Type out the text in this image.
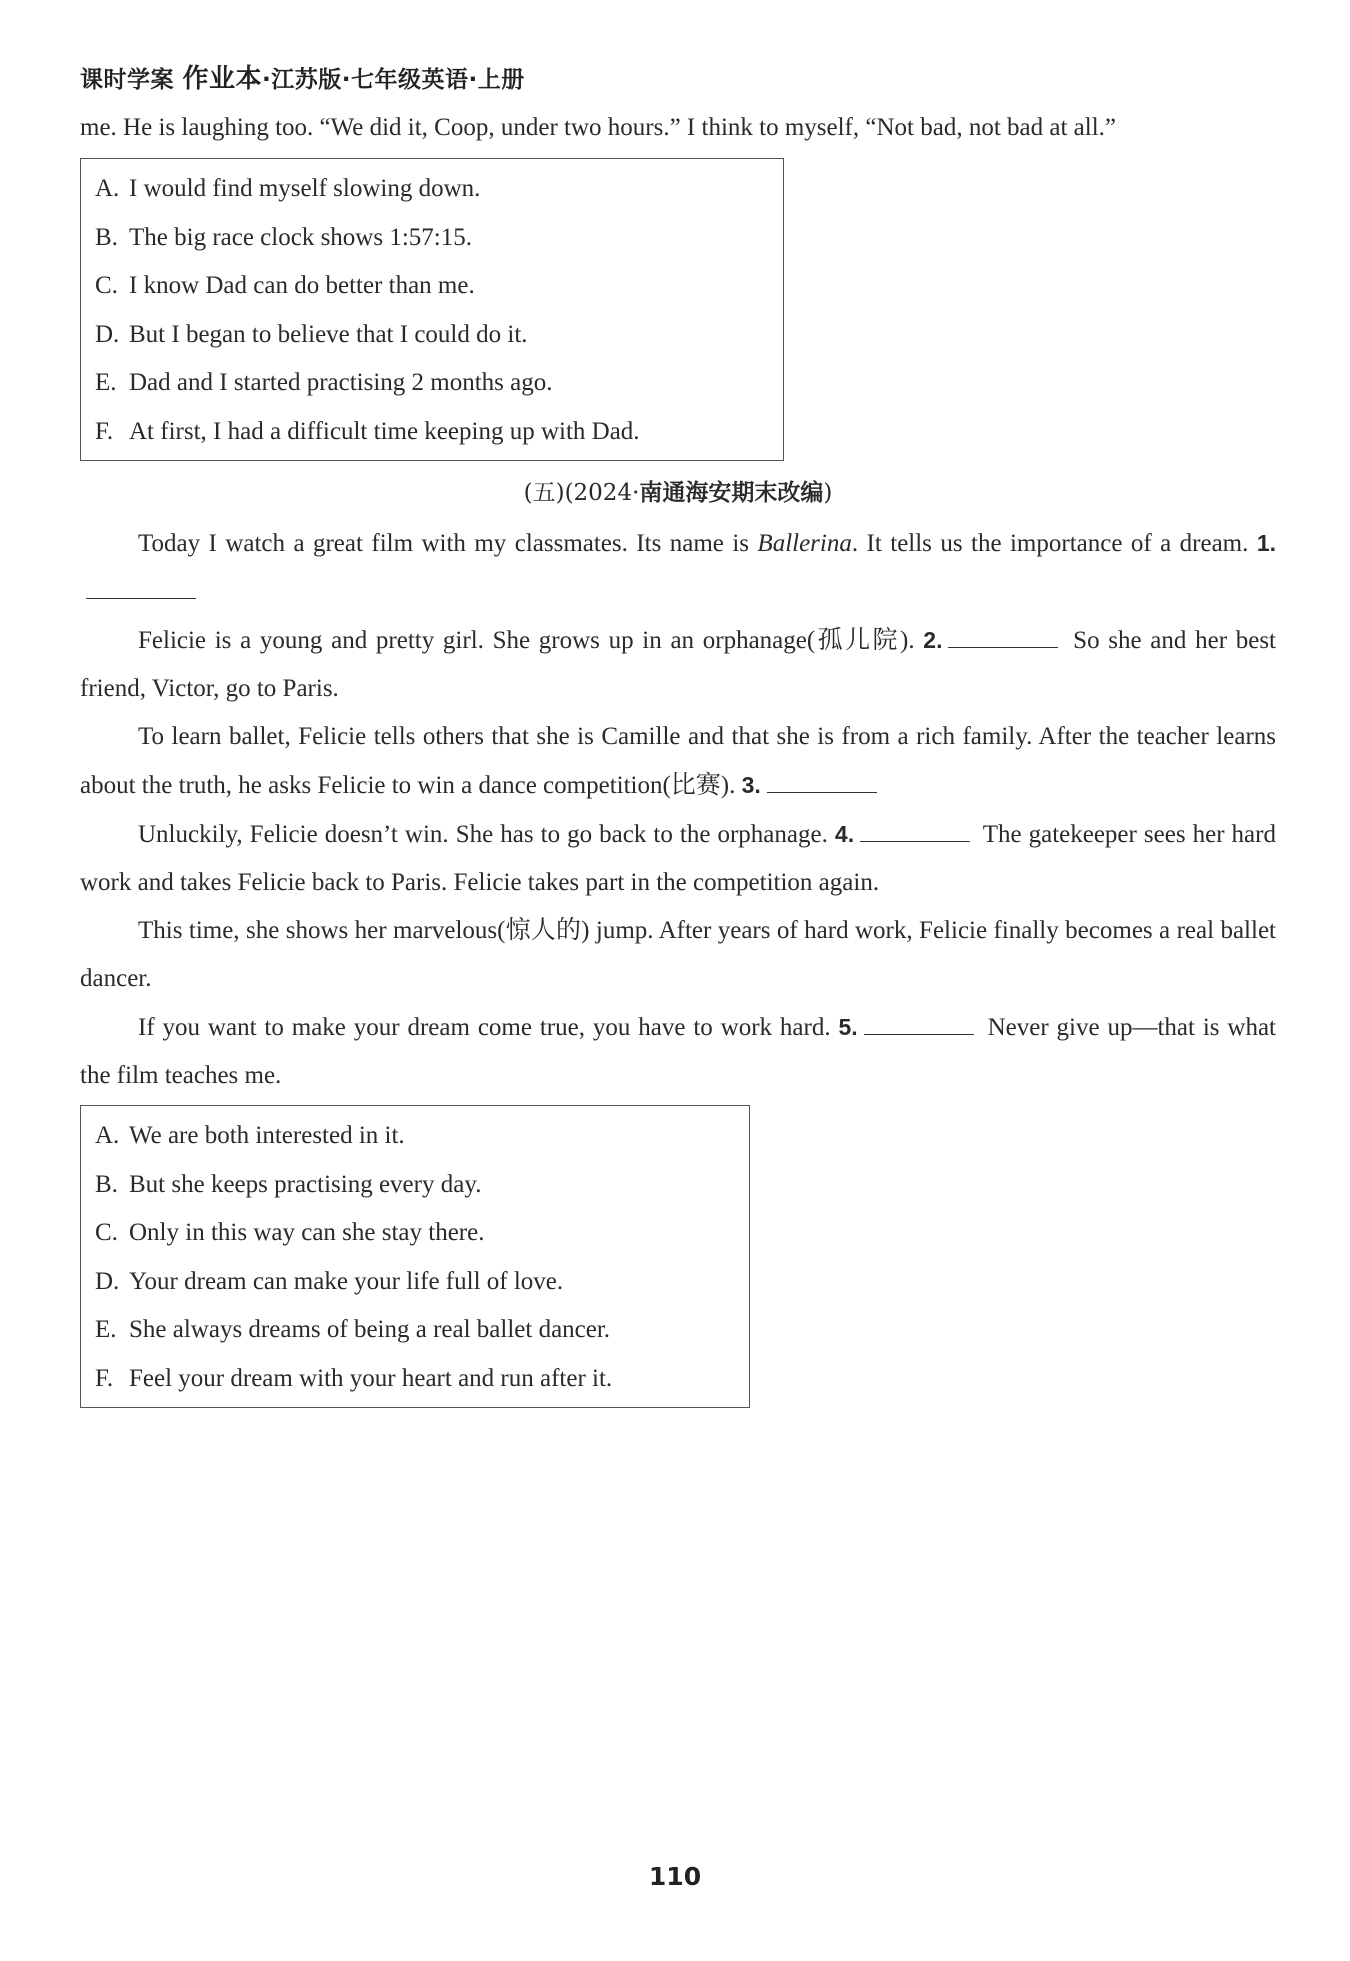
课时学案 作业本·江苏版·七年级英语·上册

me. He is laughing too. “We did it, Coop, under two hours.” I think to myself, “Not bad, not bad at all.”

A. I would find myself slowing down.
B. The big race clock shows 1:57:15.
C. I know Dad can do better than me.
D. But I began to believe that I could do it.
E. Dad and I started practising 2 months ago.
F. At first, I had a difficult time keeping up with Dad.
(五)(2024·南通海安期末改编)

Today I watch a great film with my classmates. Its name is Ballerina. It tells us the importance of a dream. 1.

Felicie is a young and pretty girl. She grows up in an orphanage(孤儿院). 2.	So she and her best friend, Victor, go to Paris.

To learn ballet, Felicie tells others that she is Camille and that she is from a rich family. After the teacher learns about the truth, he asks Felicie to win a dance competition(比赛). 3.

Unluckily, Felicie doesn’t win. She has to go back to the orphanage. 4.	The gatekeeper sees her hard work and takes Felicie back to Paris. Felicie takes part in the competition again.

This time, she shows her marvelous(惊人的) jump. After years of hard work, Felicie finally becomes a real ballet dancer.

If you want to make your dream come true, you have to work hard. 5.	Never give up—that is what the film teaches me.

A. We are both interested in it.
B. But she keeps practising every day.
C. Only in this way can she stay there.
D. Your dream can make your life full of love.
E. She always dreams of being a real ballet dancer.
F. Feel your dream with your heart and run after it.
110
